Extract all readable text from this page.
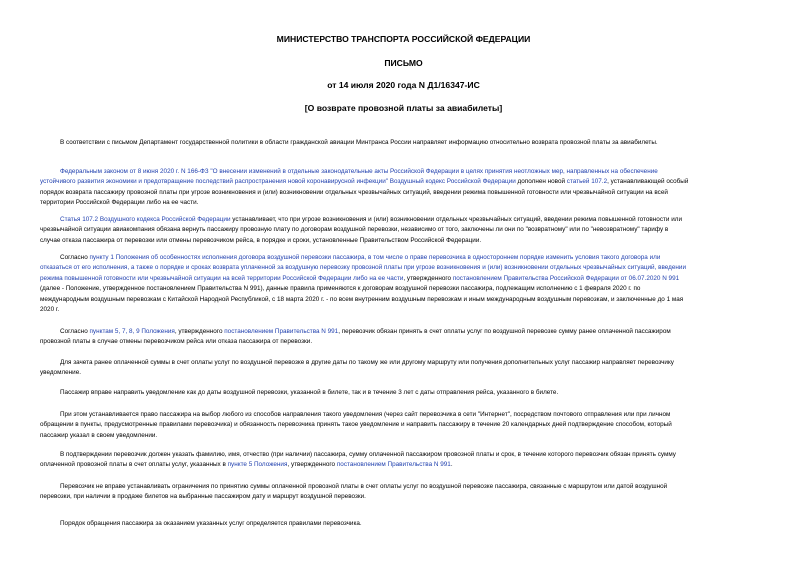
МИНИСТЕРСТВО ТРАНСПОРТА РОССИЙСКОЙ ФЕДЕРАЦИИ
ПИСЬМО
от 14 июля 2020 года N Д1/16347-ИС
[О возврате провозной платы за авиабилеты]
В соответствии с письмом Департамент государственной политики в области гражданской авиации Минтранса России направляет информацию относительно возврата провозной платы за авиабилеты.
Федеральным законом от 8 июня 2020 г. N 166-ФЗ "О внесении изменений в отдельные законодательные акты Российской Федерации в целях принятия неотложных мер, направленных на обеспечение
устойчивого развития экономики и предотвращение последствий распространения новой коронавирусной инфекции" Воздушный кодекс Российской Федерации дополнен новой статьей 107.2, устанавливающей особый
порядок возврата пассажиру провозной платы при угрозе возникновения и (или) возникновении отдельных чрезвычайных ситуаций, введении режима повышенной готовности или чрезвычайной ситуации на всей
территории Российской Федерации либо на ее части.
Статья 107.2 Воздушного кодекса Российской Федерации устанавливает, что при угрозе возникновения и (или) возникновении отдельных чрезвычайных ситуаций, введении режима повышенной готовности или
чрезвычайной ситуации авиакомпания обязана вернуть пассажиру провозную плату по договорам воздушной перевозки, независимо от того, заключены ли они по "возвратному" или по "невозвратному" тарифу в
случае отказа пассажира от перевозки или отмены перевозчиком рейса, в порядке и сроки, установленные Правительством Российской Федерации.
Согласно пункту 1 Положения об особенностях исполнения договора воздушной перевозки пассажира, в том числе о праве перевозчика в одностороннем порядке изменить условия такого договора или
отказаться от его исполнения, а также о порядке и сроках возврата уплаченной за воздушную перевозку провозной платы при угрозе возникновения и (или) возникновении отдельных чрезвычайных ситуаций, введении
режима повышенной готовности или чрезвычайной ситуации на всей территории Российской Федерации либо на ее части, утвержденного постановлением Правительства Российской Федерации от 06.07.2020 N 991
(далее - Положение, утвержденное постановлением Правительства N 991), данные правила применяются к договорам воздушной перевозки пассажира, подлежащим исполнению с 1 февраля 2020 г. по
международным воздушным перевозкам с Китайской Народной Республикой, с 18 марта 2020 г. - по всем внутренним воздушным перевозкам и иным международным воздушным перевозкам, и заключенные до 1 мая
2020 г.
Согласно пунктам 5, 7, 8, 9 Положения, утвержденного постановлением Правительства N 991, перевозчик обязан принять в счет оплаты услуг по воздушной перевозке сумму ранее оплаченной пассажиром
провозной платы в случае отмены перевозчиком рейса или отказа пассажира от перевозки.
Для зачета ранее оплаченной суммы в счет оплаты услуг по воздушной перевозке в другие даты по такому же или другому маршруту или получения дополнительных услуг пассажир направляет перевозчику
уведомление.
Пассажир вправе направить уведомление как до даты воздушной перевозки, указанной в билете, так и в течение 3 лет с даты отправления рейса, указанного в билете.
При этом устанавливается право пассажира на выбор любого из способов направления такого уведомления (через сайт перевозчика в сети "Интернет", посредством почтового отправления или при личном
обращении в пункты, предусмотренные правилами перевозчика) и обязанность перевозчика принять такое уведомление и направить пассажиру в течение 20 календарных дней подтверждение способом, который
пассажир указал в своем уведомлении.
В подтверждении перевозчик должен указать фамилию, имя, отчество (при наличии) пассажира, сумму оплаченной пассажиром провозной платы и срок, в течение которого перевозчик обязан принять сумму
оплаченной провозной платы в счет оплаты услуг, указанных в пункте 5 Положения, утвержденного постановлением Правительства N 991.
Перевозчик не вправе устанавливать ограничения по принятию суммы оплаченной провозной платы в счет оплаты услуг по воздушной перевозке пассажира, связанные с маршрутом или датой воздушной
перевозки, при наличии в продаже билетов на выбранные пассажиром дату и маршрут воздушной перевозки.
Порядок обращения пассажира за оказанием указанных услуг определяется правилами перевозчика.
